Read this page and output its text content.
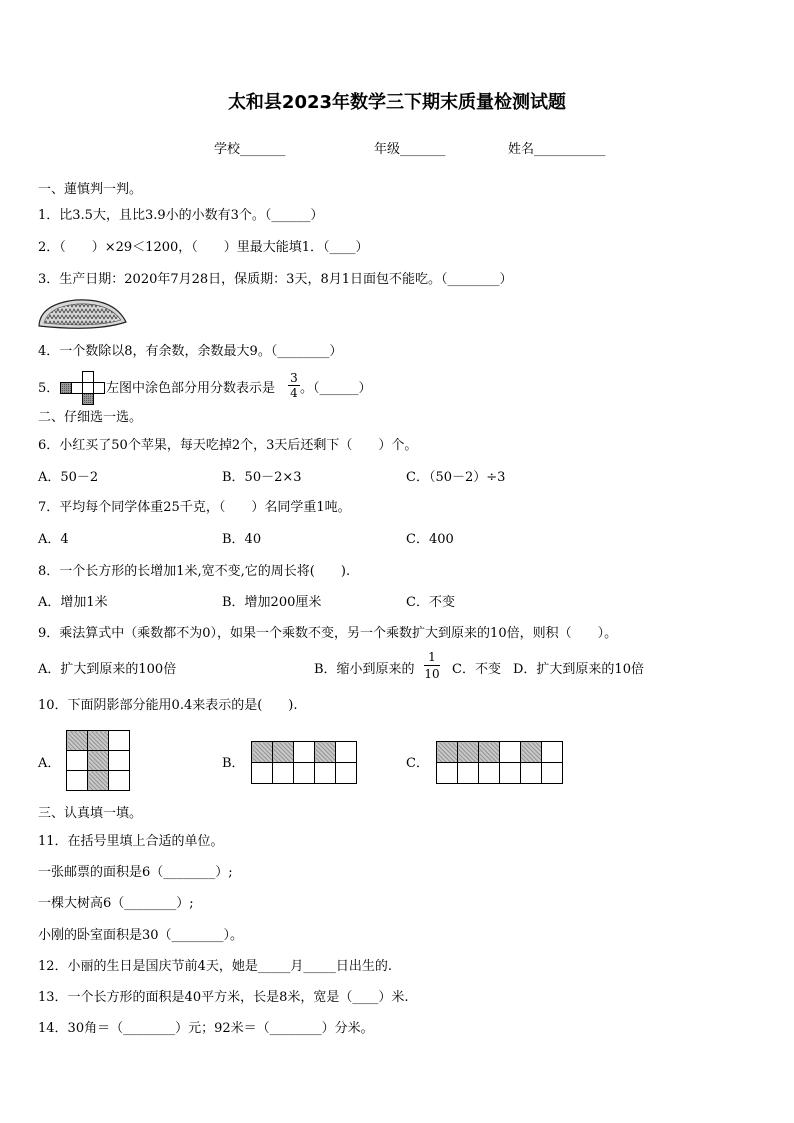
太和县2023年数学三下期末质量检测试题
学校_______	年级_______	姓名___________
一、蓮慎判一判。
1．比3.5大，且比3.9小的小数有3个。（______）
2．（　　）×29＜1200，（　　）里最大能填1．（____）
3．生产日期：2020年7月28日，保质期：3天，8月1日面包不能吃。（________）
4．一个数除以8，有余数，余数最大9。（________）
5．	左图中涂色部分用分数表示是
3
4 。（______）
二、仔细选一选。
6．小红买了50个苹果，每天吃掉2个，3天后还剩下（　　）个。
A．50－2	B．50－2×3	C．（50－2）÷3
7．平均每个同学体重25千克，（　　）名同学重1吨。
A．4	B．40	C．400
8．一个长方形的长增加1米,宽不变,它的周长将(　　).
A．增加1米	B．增加200厘米	C．不变
9．乘法算式中（乘数都不为0），如果一个乘数不变，另一个乘数扩大到原来的10倍，则积（　　）。
A．扩大到原来的100倍	B．缩小到原来的
1
10 C．不变 D．扩大到原来的10倍
10．下面阴影部分能用0.4来表示的是(　　).
A．

			B．

					C．

三、认真填一填。
11．在括号里填上合适的单位。
一张邮票的面积是6（________）;
一棵大树高6（________）;
小刚的卧室面积是30（________）。
12．小丽的生日是国庆节前4天，她是_____月_____日出生的.
13．一个长方形的面积是40平方米，长是8米，宽是（____）米.
14．30角＝（________）元；92米＝（________）分米。
